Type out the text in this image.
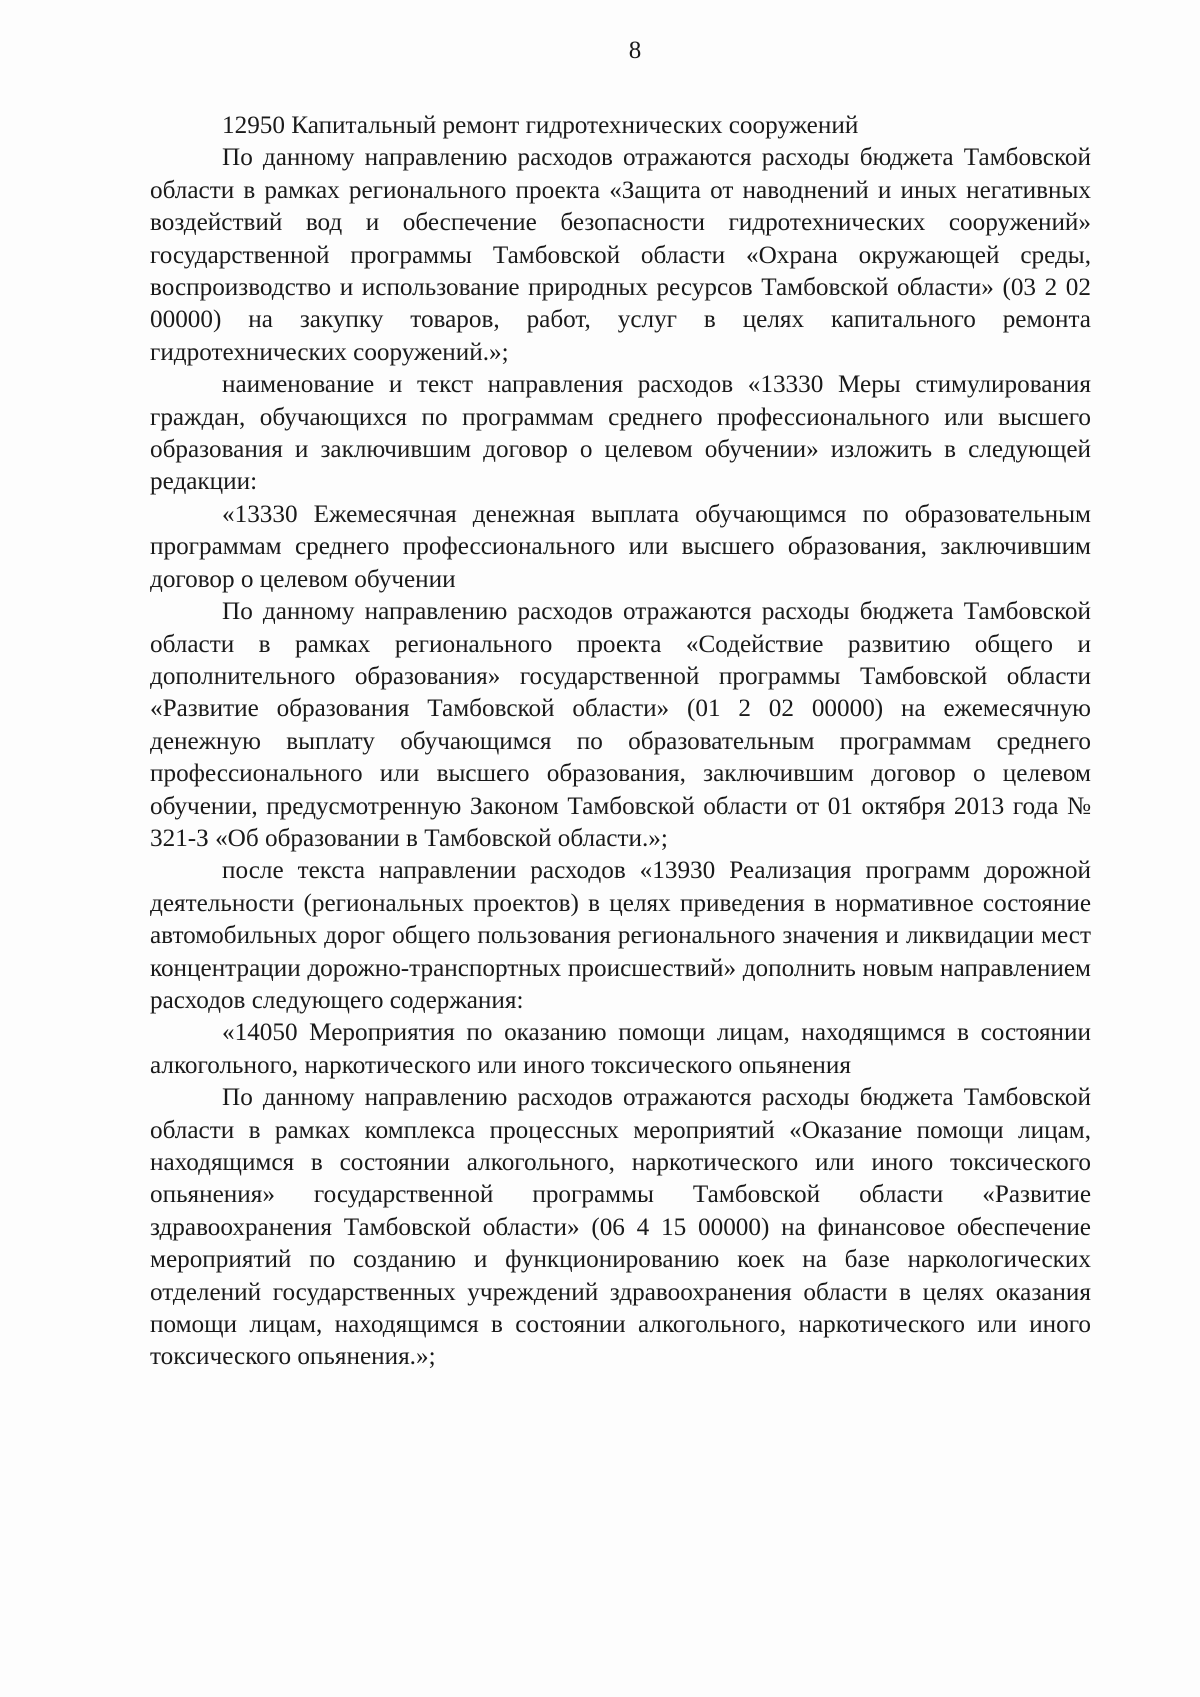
8

12950 Капитальный ремонт гидротехнических сооружений

По данному направлению расходов отражаются расходы бюджета Тамбовской области в рамках регионального проекта «Защита от наводнений и иных негативных воздействий вод и обеспечение безопасности гидротехнических сооружений» государственной программы Тамбовской области «Охрана окружающей среды, воспроизводство и использование природных ресурсов Тамбовской области» (03 2 02 00000) на закупку товаров, работ, услуг в целях капитального ремонта гидротехнических сооружений.»;

наименование и текст направления расходов «13330 Меры стимулирования граждан, обучающихся по программам среднего профессионального или высшего образования и заключившим договор о целевом обучении» изложить в следующей редакции:

«13330 Ежемесячная денежная выплата обучающимся по образовательным программам среднего профессионального или высшего образования, заключившим договор о целевом обучении

По данному направлению расходов отражаются расходы бюджета Тамбовской области в рамках регионального проекта «Содействие развитию общего и дополнительного образования» государственной программы Тамбовской области «Развитие образования Тамбовской области» (01 2 02 00000) на ежемесячную денежную выплату обучающимся по образовательным программам среднего профессионального или высшего образования, заключившим договор о целевом обучении, предусмотренную Законом Тамбовской области от 01 октября 2013 года № 321-З «Об образовании в Тамбовской области.»;

после текста направлении расходов «13930 Реализация программ дорожной деятельности (региональных проектов) в целях приведения в нормативное состояние автомобильных дорог общего пользования регионального значения и ликвидации мест концентрации дорожно-транспортных происшествий» дополнить новым направлением расходов следующего содержания:

«14050 Мероприятия по оказанию помощи лицам, находящимся в состоянии алкогольного, наркотического или иного токсического опьянения

По данному направлению расходов отражаются расходы бюджета Тамбовской области в рамках комплекса процессных мероприятий «Оказание помощи лицам, находящимся в состоянии алкогольного, наркотического или иного токсического опьянения» государственной программы Тамбовской области «Развитие здравоохранения Тамбовской области» (06 4 15 00000) на финансовое обеспечение мероприятий по созданию и функционированию коек на базе наркологических отделений государственных учреждений здравоохранения области в целях оказания помощи лицам, находящимся в состоянии алкогольного, наркотического или иного токсического опьянения.»;
